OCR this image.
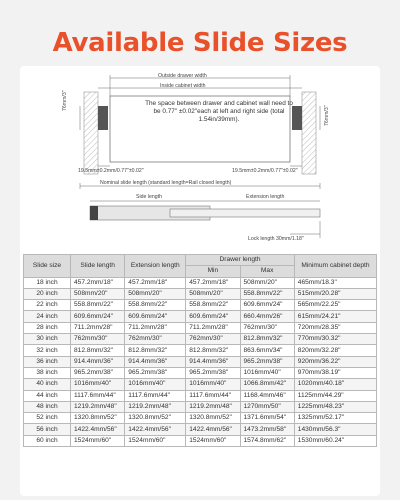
Available Slide Sizes
Outside drawer width
Inside cabinet width
The space between drawer and cabinet wall need to be 0.77" ±0.02"each at left and right side (total 1.54in/39mm).
76mm/3"
76mm/3"
19.5mm±0.2mm/0.77"±0.02"	19.5mm±0.2mm/0.77"±0.02"
Nominal slide length (standard length=Rail closed length)
Side length	Extension length
Lock length 30mm/1.18"
Slide size	Slide length	Extension length	Drawer length		Minimum cabinet depth
			Min	Max	
18 inch	457.2mm/18"	457.2mm/18"	457.2mm/18"	508mm/20"	465mm/18.3"
20 inch	508mm/20"	508mm/20"	508mm/20"	558.8mm/22"	515mm/20.28"
22 inch	558.8mm/22"	558.8mm/22"	558.8mm/22"	609.6mm/24"	565mm/22.25"
24 inch	609.6mm/24"	609.6mm/24"	609.6mm/24"	660.4mm/26"	615mm/24.21"
28 inch	711.2mm/28"	711.2mm/28"	711.2mm/28"	762mm/30"	720mm/28.35"
30 inch	762mm/30"	762mm/30"	762mm/30"	812.8mm/32"	770mm/30.32"
32 inch	812.8mm/32"	812.8mm/32"	812.8mm/32"	863.6mm/34"	820mm/32.28"
36 inch	914.4mm/36"	914.4mm/36"	914.4mm/36"	965.2mm/38"	920mm/36.22"
38 inch	965.2mm/38"	965.2mm/38"	965.2mm/38"	1016mm/40"	970mm/38.19"
40 inch	1016mm/40"	1016mm/40"	1016mm/40"	1066.8mm/42"	1020mm/40.18"
44 inch	1117.6mm/44"	1117.6mm/44"	1117.6mm/44"	1168.4mm/46"	1125mm/44.29"
48 inch	1219.2mm/48"	1219.2mm/48"	1219.2mm/48"	1270mm/50"	1225mm/48.23"
52 inch	1320.8mm/52"	1320.8mm/52"	1320.8mm/52"	1371.6mm/54"	1325mm/52.17"
56 inch	1422.4mm/56"	1422.4mm/56"	1422.4mm/56"	1473.2mm/58"	1430mm/56.3"
60 inch	1524mm/60"	1524mm/60"	1524mm/60"	1574.8mm/62"	1530mm/60.24"
